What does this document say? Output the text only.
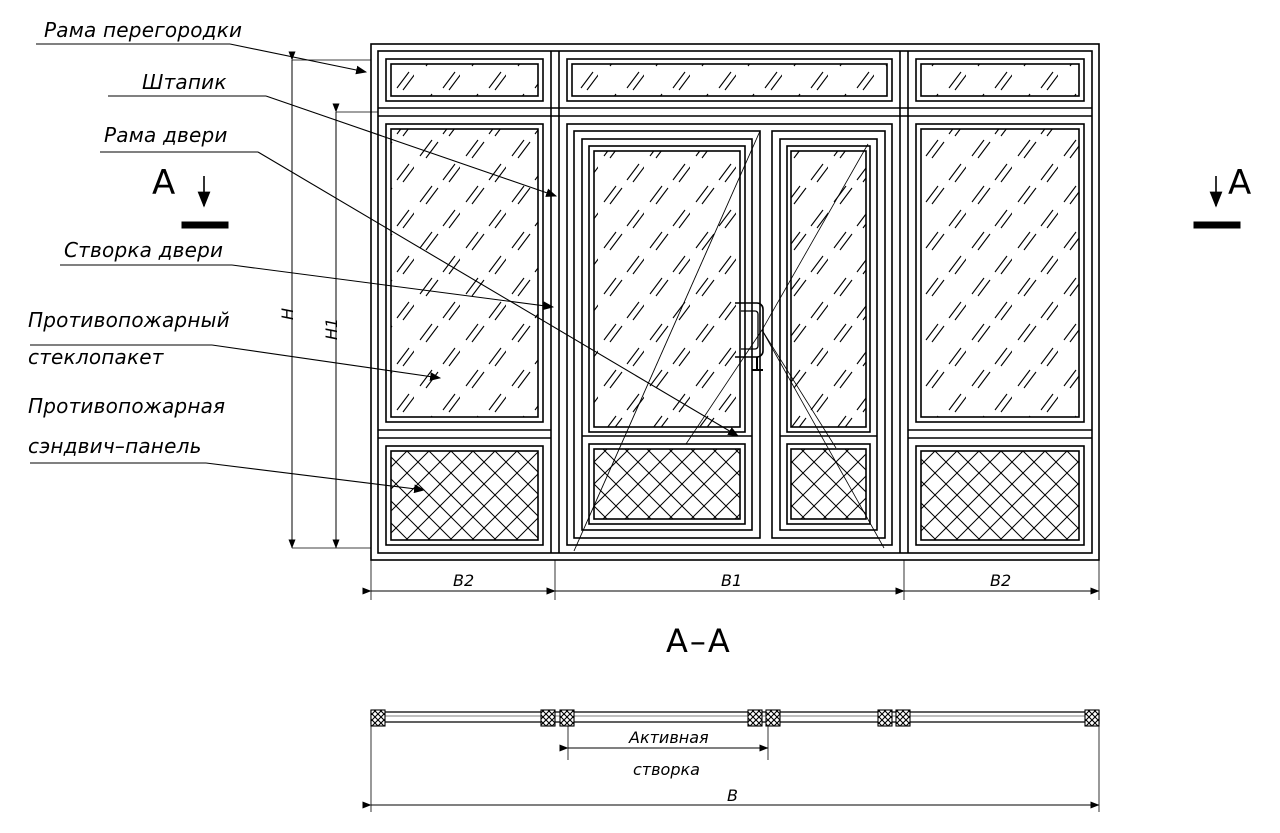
Рама перегородки
Штапик
Рама двери
Створка двери
Противопожарный
стеклопакет
Противопожарная
сэндвич–панель
А	А
H
H1
B2	B1	B2
А–А
Активная
створка
B
